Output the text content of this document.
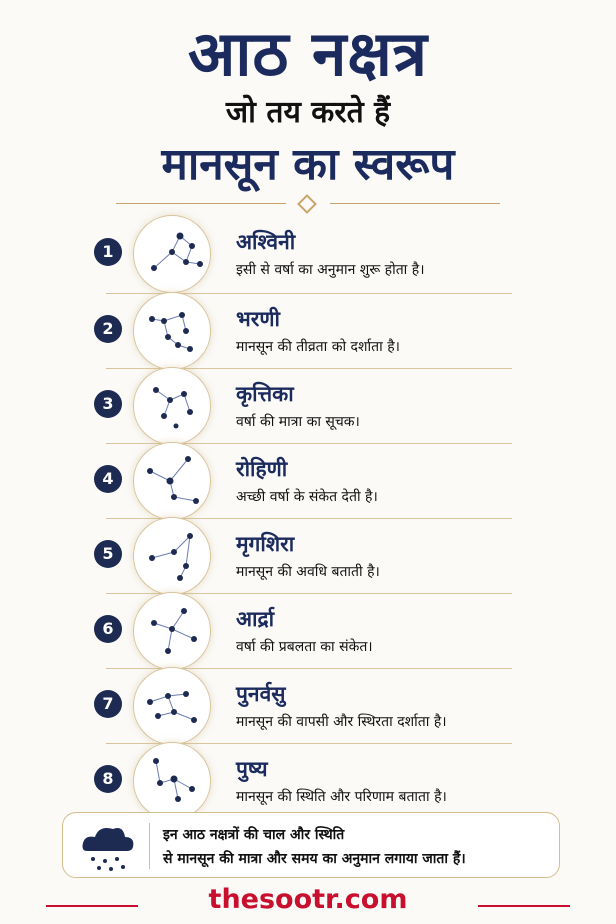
आठ नक्षत्र
जो तय करते हैं
मानसून का स्वरूप
1	अश्विनी
इसी से वर्षा का अनुमान शुरू होता है।
2	भरणी
मानसून की तीव्रता को दर्शाता है।
3	कृत्तिका
वर्षा की मात्रा का सूचक।
4	रोहिणी
अच्छी वर्षा के संकेत देती है।
5	मृगशिरा
मानसून की अवधि बताती है।
6	आर्द्रा
वर्षा की प्रबलता का संकेत।
7	पुनर्वसु
मानसून की वापसी और स्थिरता दर्शाता है।
8	पुष्य
मानसून की स्थिति और परिणाम बताता है।
इन आठ नक्षत्रों की चाल और स्थिति
से मानसून की मात्रा और समय का अनुमान लगाया जाता हैं।
thesootr.com
